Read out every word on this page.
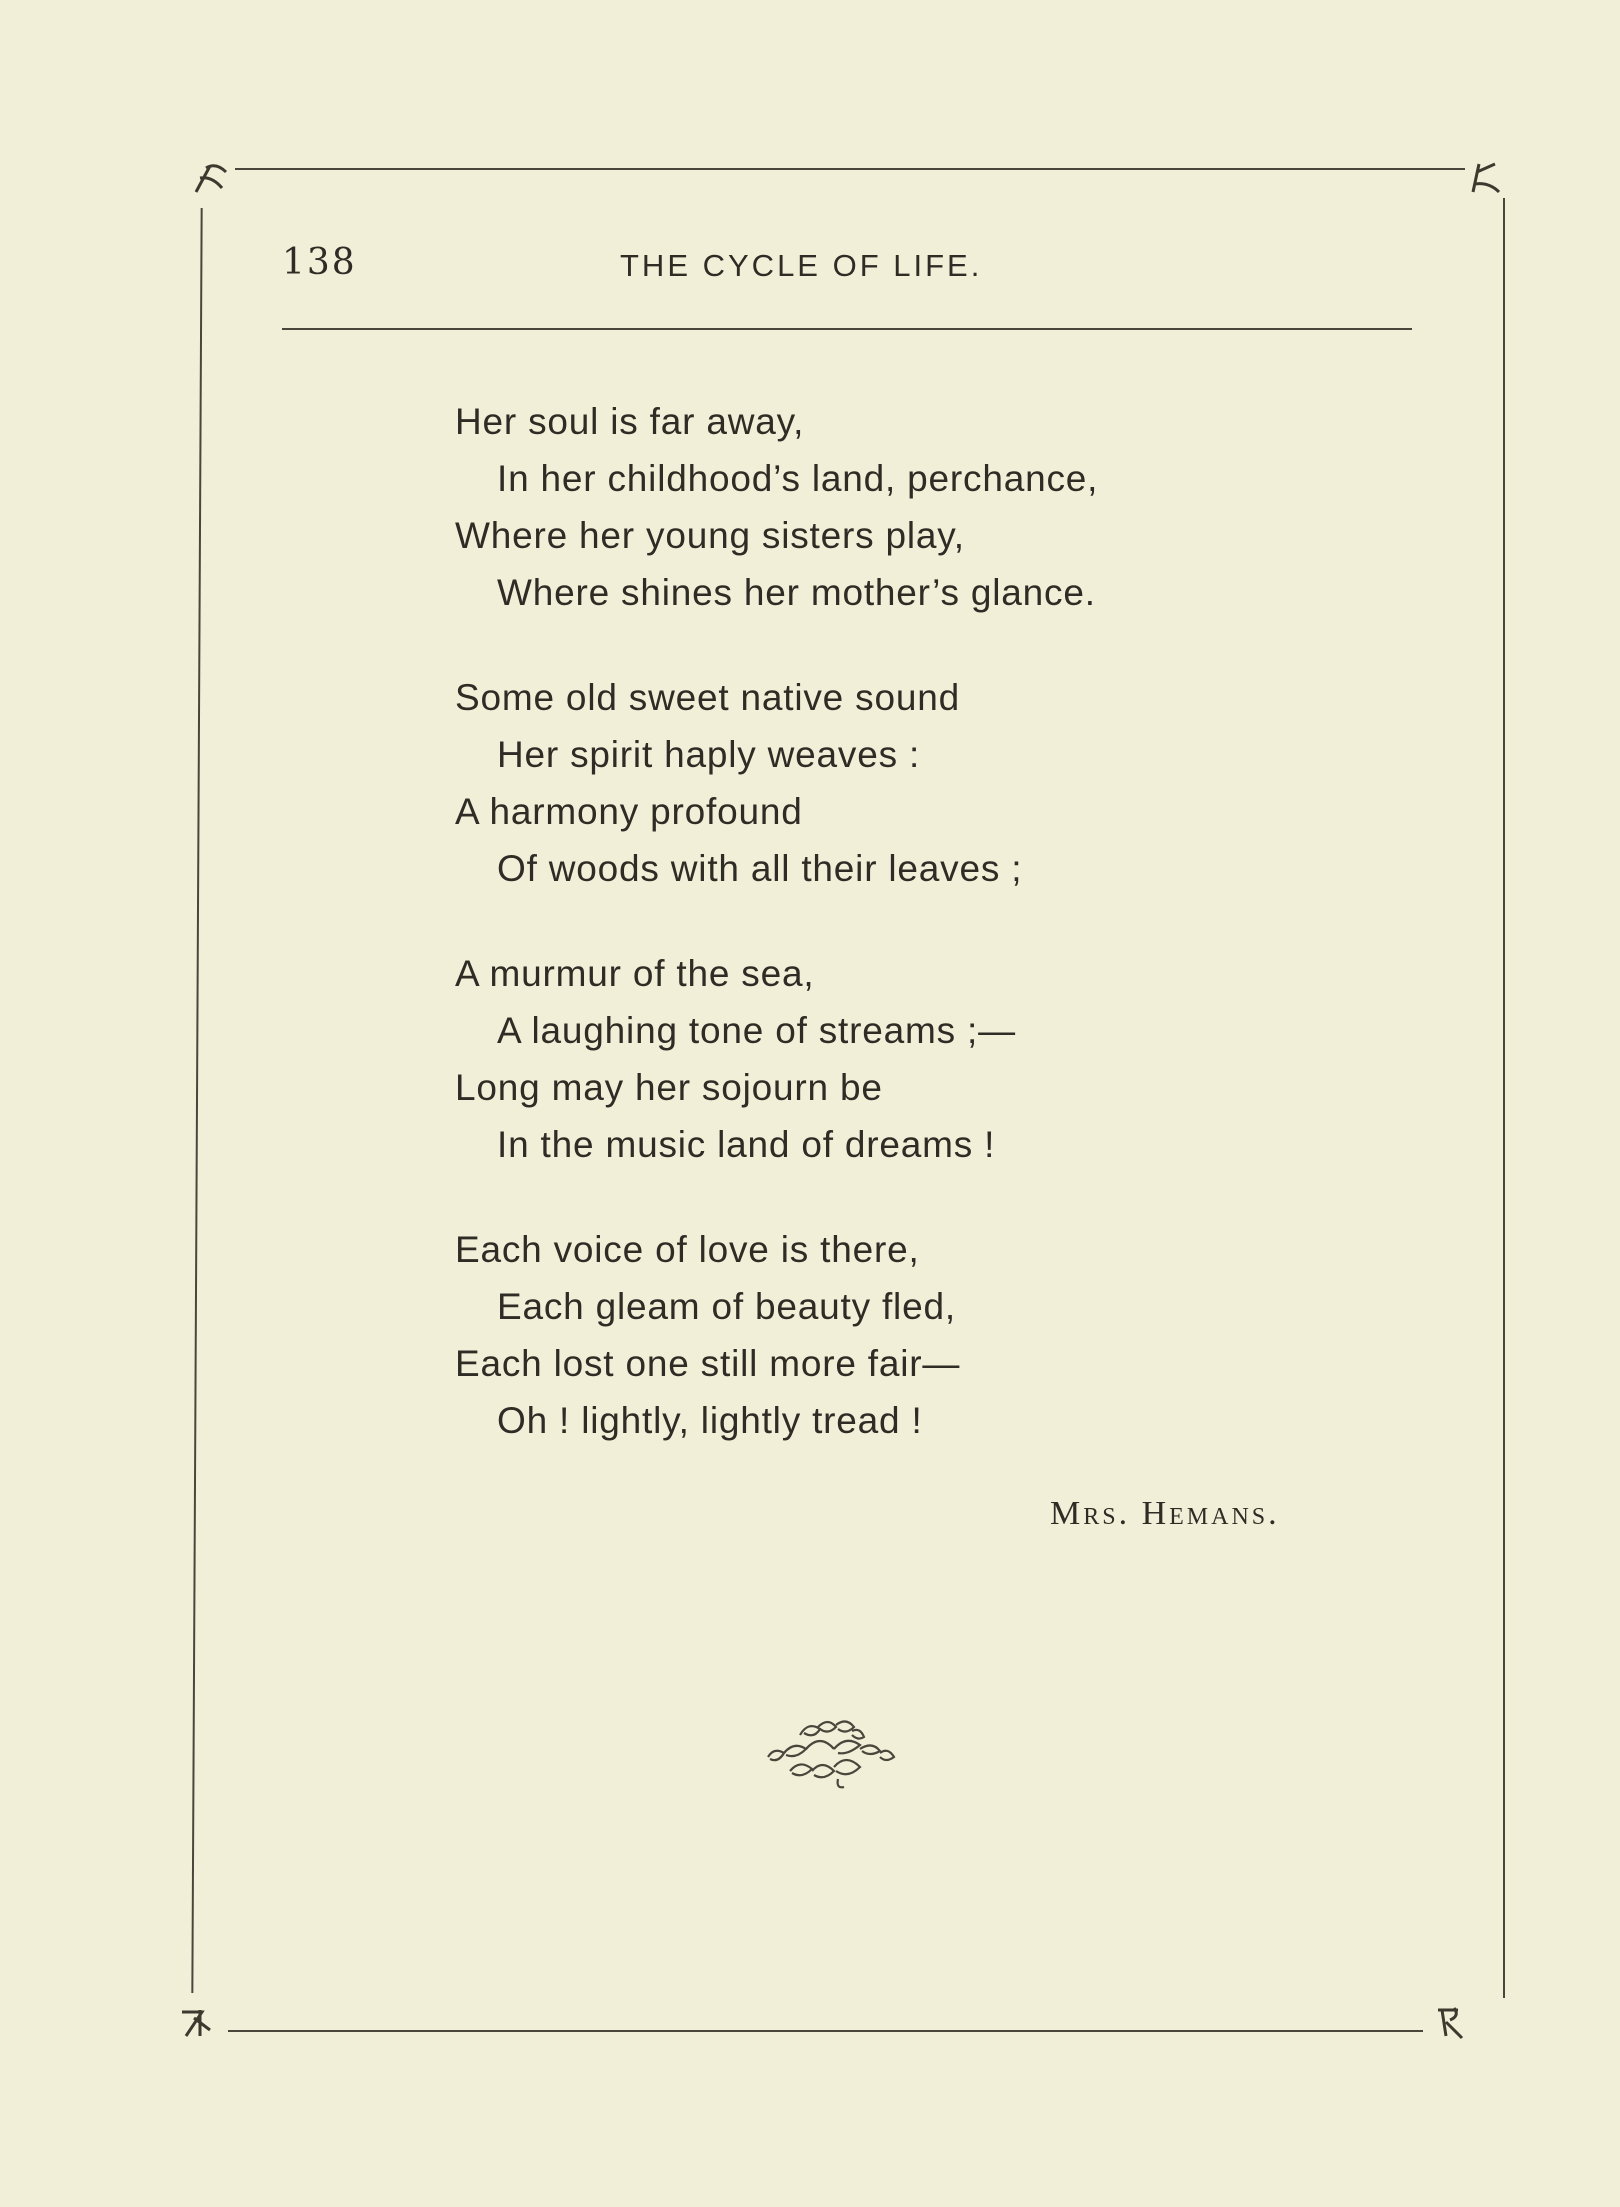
138	THE CYCLE OF LIFE.
Her soul is far away,
In her childhood’s land, perchance,
Where her young sisters play,
Where shines her mother’s glance.
Some old sweet native sound
Her spirit haply weaves :
A harmony profound
Of woods with all their leaves ;
A murmur of the sea,
A laughing tone of streams ;—
Long may her sojourn be
In the music land of dreams !
Each voice of love is there,
Each gleam of beauty fled,
Each lost one still more fair—
Oh ! lightly, lightly tread !
Mrs. Hemans.
